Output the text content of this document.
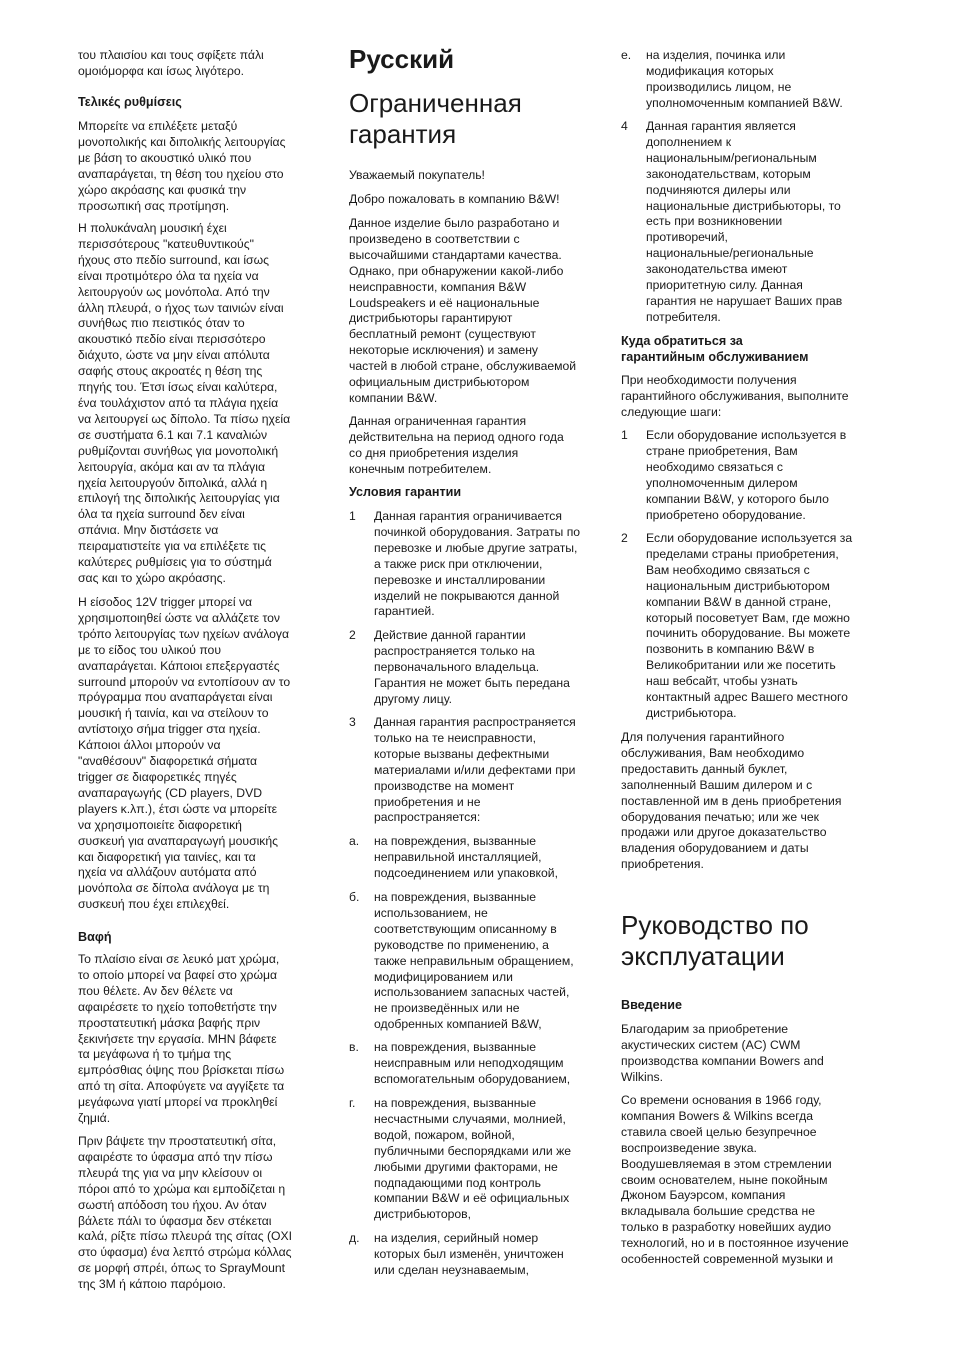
του πλαισίου και τους σφίξετε πάλι
ομοιόμορφα και ίσως λιγότερο.
Τελικές ρυθμίσεις
Μπορείτε να επιλέξετε μεταξύ
μονοπολικής και διπολικής λειτουργίας
με βάση το ακουστικό υλικό που
αναπαράγεται, τη θέση του ηχείου στο
χώρο ακρόασης και φυσικά την
προσωπική σας προτίμηση.
Η πολυκάναλη μουσική έχει
περισσότερους "κατευθυντικούς"
ήχους στο πεδίο surround, και ίσως
είναι προτιμότερο όλα τα ηχεία να
λειτουργούν ως μονόπολα. Από την
άλλη πλευρά, ο ήχος των ταινιών είναι
συνήθως πιο πειστικός όταν το
ακουστικό πεδίο είναι περισσότερο
διάχυτο, ώστε να μην είναι απόλυτα
σαφής στους ακροατές η θέση της
πηγής του. Έτσι ίσως είναι καλύτερα,
ένα τουλάχιστον από τα πλάγια ηχεία
να λειτουργεί ως δίπολο. Τα πίσω ηχεία
σε συστήματα 6.1 και 7.1 καναλιών
ρυθμίζονται συνήθως για μονοπολική
λειτουργία, ακόμα και αν τα πλάγια
ηχεία λειτουργούν διπολικά, αλλά η
επιλογή της διπολικής λειτουργίας για
όλα τα ηχεία surround δεν είναι
σπάνια. Μην διστάσετε να
πειραματιστείτε για να επιλέξετε τις
καλύτερες ρυθμίσεις για το σύστημά
σας και το χώρο ακρόασης.
Η είσοδος 12V trigger μπορεί να
χρησιμοποιηθεί ώστε να αλλάζετε τον
τρόπο λειτουργίας των ηχείων ανάλογα
με το είδος του υλικού που
αναπαράγεται. Κάποιοι επεξεργαστές
surround μπορούν να εντοπίσουν αν το
πρόγραμμα που αναπαράγεται είναι
μουσική ή ταινία, και να στείλουν το
αντίστοιχο σήμα trigger στα ηχεία.
Κάποιοι άλλοι μπορούν να
"αναθέσουν" διαφορετικά σήματα
trigger σε διαφορετικές πηγές
αναπαραγωγής (CD players, DVD
players κ.λπ.), έτσι ώστε να μπορείτε
να χρησιμοποιείτε διαφορετική
συσκευή για αναπαραγωγή μουσικής
και διαφορετική για ταινίες, και τα
ηχεία να αλλάζουν αυτόματα από
μονόπολα σε δίπολα ανάλογα με τη
συσκευή που έχει επιλεχθεί.
Βαφή
Το πλαίσιο είναι σε λευκό ματ χρώμα,
το οποίο μπορεί να βαφεί στο χρώμα
που θέλετε. Αν δεν θέλετε να
αφαιρέσετε το ηχείο τοποθετήστε την
προστατευτική μάσκα βαφής πριν
ξεκινήσετε την εργασία. ΜΗΝ βάφετε
τα μεγάφωνα ή το τμήμα της
εμπρόσθιας όψης που βρίσκεται πίσω
από τη σίτα. Αποφύγετε να αγγίξετε τα
μεγάφωνα γιατί μπορεί να προκληθεί
ζημιά.
Πριν βάψετε την προστατευτική σίτα,
αφαιρέστε το ύφασμα από την πίσω
πλευρά της για να μην κλείσουν οι
πόροι από το χρώμα και εμποδίζεται η
σωστή απόδοση του ήχου. Αν όταν
βάλετε πάλι το ύφασμα δεν στέκεται
καλά, ρίξτε πίσω πλευρά της σίτας (ΟΧΙ
στο ύφασμα) ένα λεπτό στρώμα κόλλας
σε μορφή σπρέι, όπως το SprayMount
της 3M ή κάποιο παρόμοιο.
Русский
Ограниченная
гарантия
Уважаемый покупатель!
Добро пожаловать в компанию B&W!
Данное изделие было разработано и
произведено в соответствии с
высочайшими стандартами качества.
Однако, при обнаружении какой-либо
неисправности, компания B&W
Loudspeakers и её национальные
дистрибьюторы гарантируют
бесплатный ремонт (существуют
некоторые исключения) и замену
частей в любой стране, обслуживаемой
официальным дистрибьютором
компании B&W.
Данная ограниченная гарантия
действительна на период одного года
со дня приобретения изделия
конечным потребителем.
Условия гарантии
1 Данная гарантия ограничивается
починкой оборудования. Затраты по
перевозке и любые другие затраты,
а также риск при отключении,
перевозке и инсталлировании
изделий не покрываются данной
гарантией.
2 Действие данной гарантии
распространяется только на
первоначального владельца.
Гарантия не может быть передана
другому лицу.
3 Данная гарантия распространяется
только на те неисправности,
которые вызваны дефектными
материалами и/или дефектами при
производстве на момент
приобретения и не
распространяется:
а. на повреждения, вызванные
неправильной инсталляцией,
подсоединением или упаковкой,
б. на повреждения, вызванные
использованием, не
соответствующим описанному в
руководстве по применению, а
также неправильным обращением,
модифицированием или
использованием запасных частей,
не произведённых или не
одобренных компанией B&W,
в. на повреждения, вызванные
неисправным или неподходящим
вспомогательным оборудованием,
г. на повреждения, вызванные
несчастными случаями, молнией,
водой, пожаром, войной,
публичными беспорядками или же
любыми другими факторами, не
подпадающими под контроль
компании B&W и её официальных
дистрибьюторов,
д. на изделия, серийный номер
которых был изменён, уничтожен
или сделан неузнаваемым,
е. на изделия, починка или
модификация которых
производились лицом, не
уполномоченным компанией B&W.
4 Данная гарантия является
дополнением к
национальным/региональным
законодательствам, которым
подчиняются дилеры или
национальные дистрибьюторы, то
есть при возникновении
противоречий,
национальные/региональные
законодательства имеют
приоритетную силу. Данная
гарантия не нарушает Ваших прав
потребителя.
Куда обратиться за
гарантийным обслуживанием
При необходимости получения
гарантийного обслуживания, выполните
следующие шаги:
1 Если оборудование используется в
стране приобретения, Вам
необходимо связаться с
уполномоченным дилером
компании B&W, у которого было
приобретено оборудование.
2 Если оборудование используется за
пределами страны приобретения,
Вам необходимо связаться с
национальным дистрибьютором
компании B&W в данной стране,
который посоветует Вам, где можно
починить оборудование. Вы можете
позвонить в компанию B&W в
Великобритании или же посетить
наш вебсайт, чтобы узнать
контактный адрес Вашего местного
дистрибьютора.
Для получения гарантийного
обслуживания, Вам необходимо
предоставить данный буклет,
заполненный Вашим дилером и с
поставленной им в день приобретения
оборудования печатью; или же чек
продажи или другое доказательство
владения оборудованием и даты
приобретения.
Руководство по
эксплуатации
Введение
Благодарим за приобретение
акустических систем (AC) CWM
производства компании Bowers and
Wilkins.
Со времени основания в 1966 году,
компания Bowers & Wilkins всегда
ставила своей целью безупречное
воспроизведение звука.
Воодушевляемая в этом стремлении
своим основателем, ныне покойным
Джоном Бауэрсом, компания
вкладывала большие средства не
только в разработку новейших аудио
технологий, но и в постоянное изучение
особенностей современной музыки и
